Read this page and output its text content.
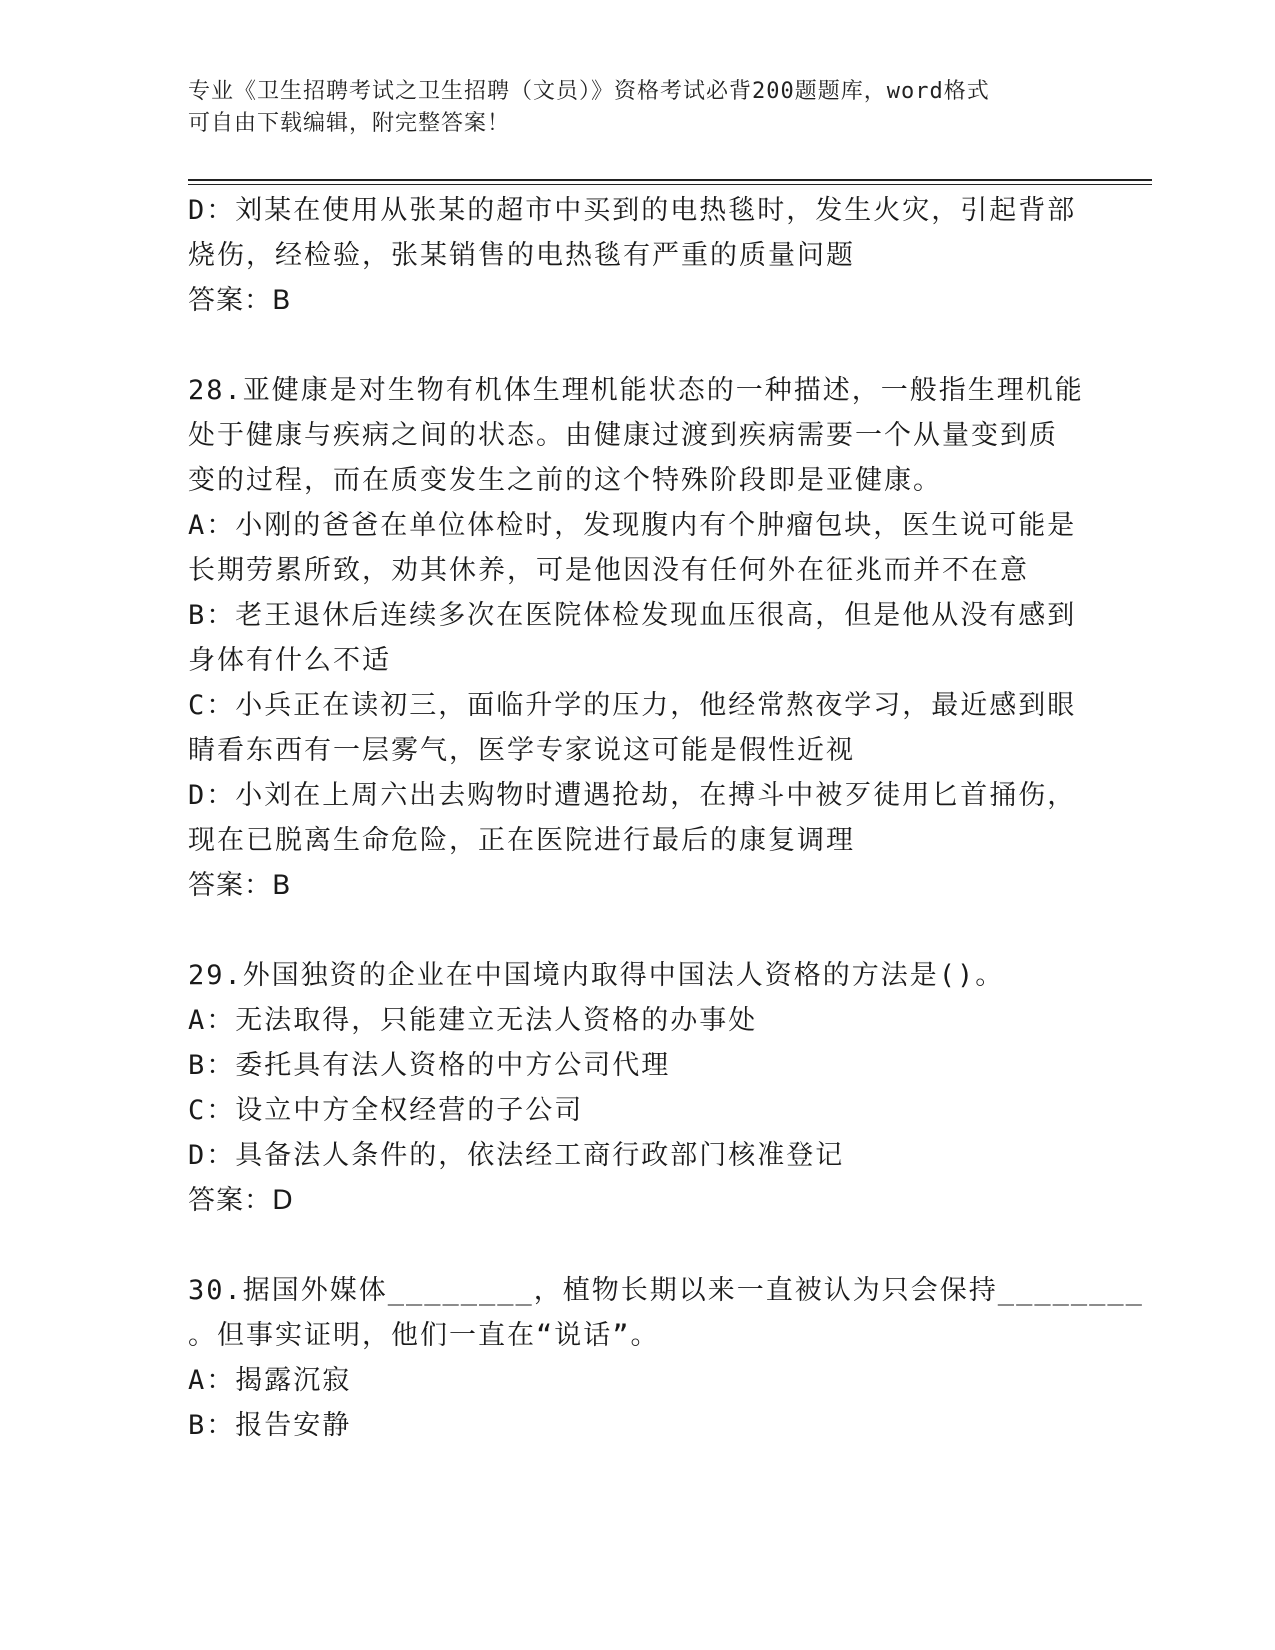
专业《卫生招聘考试之卫生招聘（文员）》资格考试必背200题题库，word格式
可自由下载编辑，附完整答案！
D：刘某在使用从张某的超市中买到的电热毯时，发生火灾，引起背部
烧伤，经检验，张某销售的电热毯有严重的质量问题
答案：B
28.亚健康是对生物有机体生理机能状态的一种描述，一般指生理机能
处于健康与疾病之间的状态。由健康过渡到疾病需要一个从量变到质
变的过程，而在质变发生之前的这个特殊阶段即是亚健康。
A：小刚的爸爸在单位体检时，发现腹内有个肿瘤包块，医生说可能是
长期劳累所致，劝其休养，可是他因没有任何外在征兆而并不在意
B：老王退休后连续多次在医院体检发现血压很高，但是他从没有感到
身体有什么不适
C：小兵正在读初三，面临升学的压力，他经常熬夜学习，最近感到眼
睛看东西有一层雾气，医学专家说这可能是假性近视
D：小刘在上周六出去购物时遭遇抢劫，在搏斗中被歹徒用匕首捅伤，
现在已脱离生命危险，正在医院进行最后的康复调理
答案：B
29.外国独资的企业在中国境内取得中国法人资格的方法是()。
A：无法取得，只能建立无法人资格的办事处
B：委托具有法人资格的中方公司代理
C：设立中方全权经营的子公司
D：具备法人条件的，依法经工商行政部门核准登记
答案：D
30.据国外媒体________，植物长期以来一直被认为只会保持________
。但事实证明，他们一直在“说话”。
A：揭露沉寂
B：报告安静
